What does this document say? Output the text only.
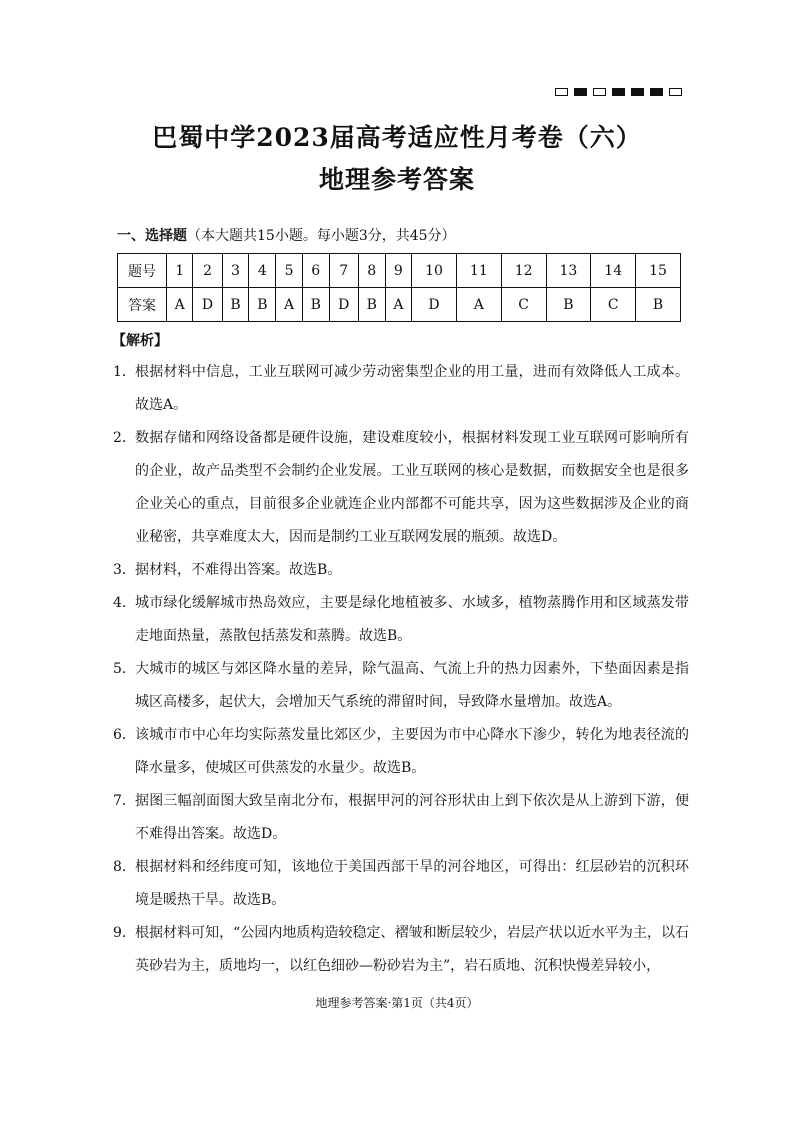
巴蜀中学2023届高考适应性月考卷（六）
地理参考答案
一、选择题（本大题共15小题。每小题3分，共45分）
题号	1	2	3	4	5	6	7	8	9	10	11	12	13	14	15
答案	A	D	B	B	A	B	D	B	A	D	A	C	B	C	B
【解析】
1． 根据材料中信息，工业互联网可减少劳动密集型企业的用工量，进而有效降低人工成本。故选A。
2． 数据存储和网络设备都是硬件设施，建设难度较小，根据材料发现工业互联网可影响所有的企业，故产品类型不会制约企业发展。工业互联网的核心是数据，而数据安全也是很多企业关心的重点，目前很多企业就连企业内部都不可能共享，因为这些数据涉及企业的商业秘密，共享难度太大，因而是制约工业互联网发展的瓶颈。故选D。
3． 据材料，不难得出答案。故选B。
4． 城市绿化缓解城市热岛效应，主要是绿化地植被多、水域多，植物蒸腾作用和区域蒸发带走地面热量，蒸散包括蒸发和蒸腾。故选B。
5． 大城市的城区与郊区降水量的差异，除气温高、气流上升的热力因素外，下垫面因素是指城区高楼多，起伏大，会增加天气系统的滞留时间，导致降水量增加。故选A。
6． 该城市市中心年均实际蒸发量比郊区少，主要因为市中心降水下渗少，转化为地表径流的降水量多，使城区可供蒸发的水量少。故选B。
7． 据图三幅剖面图大致呈南北分布，根据甲河的河谷形状由上到下依次是从上游到下游，便不难得出答案。故选D。
8． 根据材料和经纬度可知，该地位于美国西部干旱的河谷地区，可得出：红层砂岩的沉积环境是暖热干旱。故选B。
9． 根据材料可知，“公园内地质构造较稳定、褶皱和断层较少，岩层产状以近水平为主，以石英砂岩为主，质地均一，以红色细砂—粉砂岩为主”，岩石质地、沉积快慢差异较小，
地理参考答案·第1页（共4页）
